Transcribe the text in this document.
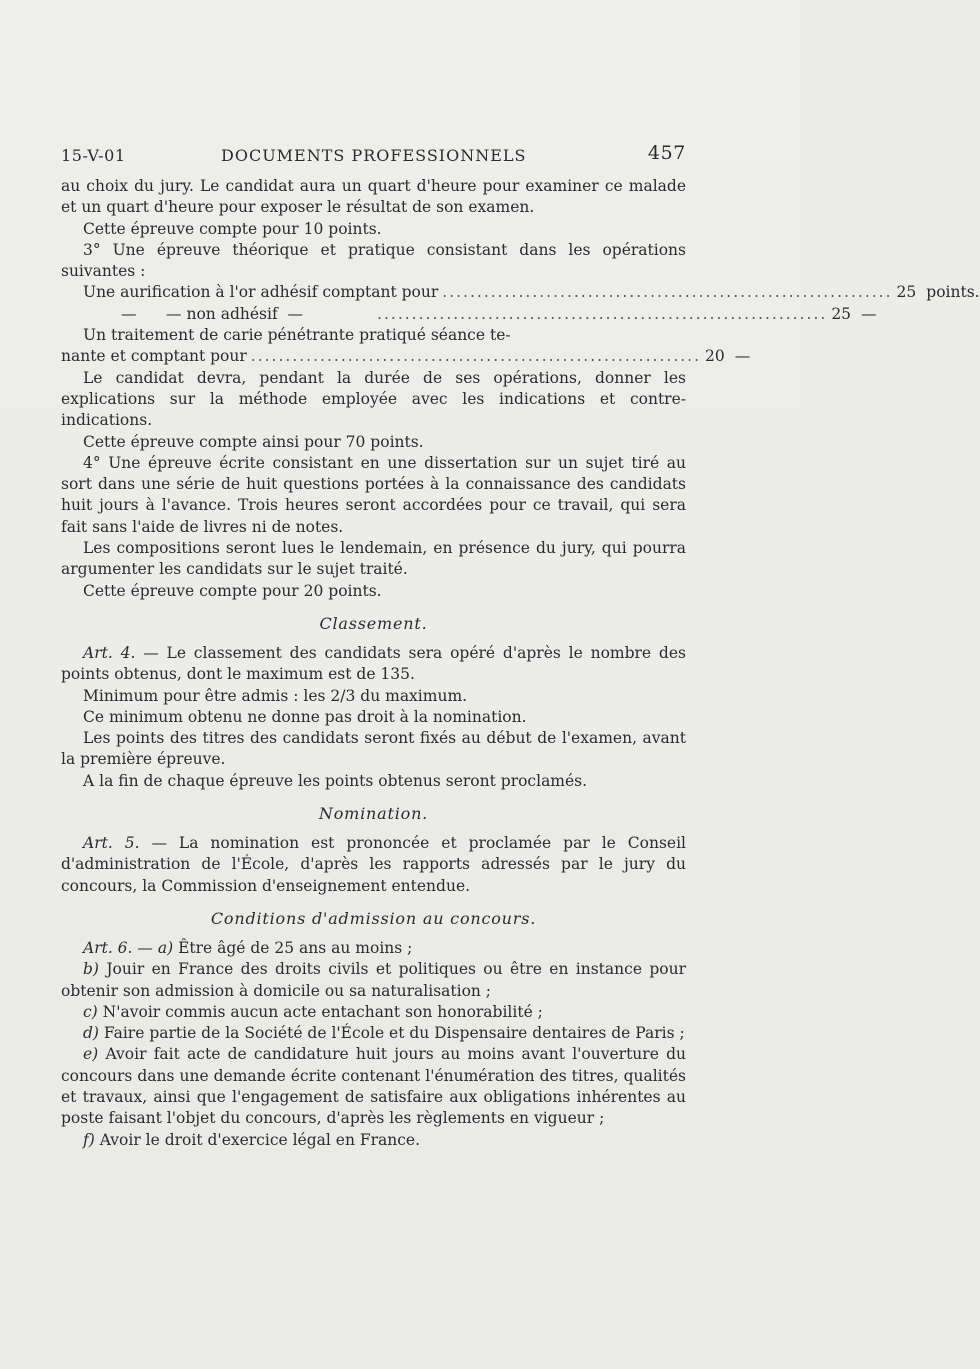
15-V-01	DOCUMENTS PROFESSIONNELS	457

au choix du jury. Le candidat aura un quart d'heure pour examiner ce malade et un quart d'heure pour exposer le résultat de son examen.

Cette épreuve compte pour 10 points.

3° Une épreuve théorique et pratique consistant dans les opérations suivantes :

Une aurification à l'or adhésif comptant pour ................................................................. 25 points.
—      — non adhésif  —	................................................................. 25 —

Un traitement de carie pénétrante pratiqué séance te-

nante et comptant pour ................................................................. 20 —

Le candidat devra, pendant la durée de ses opérations, donner les explications sur la méthode employée avec les indications et contre-indications.

Cette épreuve compte ainsi pour 70 points.

4° Une épreuve écrite consistant en une dissertation sur un sujet tiré au sort dans une série de huit questions portées à la connaissance des candidats huit jours à l'avance. Trois heures seront accordées pour ce travail, qui sera fait sans l'aide de livres ni de notes.

Les compositions seront lues le lendemain, en présence du jury, qui pourra argumenter les candidats sur le sujet traité.

Cette épreuve compte pour 20 points.

Classement.

Art. 4. — Le classement des candidats sera opéré d'après le nombre des points obtenus, dont le maximum est de 135.

Minimum pour être admis : les 2/3 du maximum.

Ce minimum obtenu ne donne pas droit à la nomination.

Les points des titres des candidats seront fixés au début de l'examen, avant la première épreuve.

A la fin de chaque épreuve les points obtenus seront proclamés.

Nomination.

Art. 5. — La nomination est prononcée et proclamée par le Conseil d'administration de l'École, d'après les rapports adressés par le jury du concours, la Commission d'enseignement entendue.

Conditions d'admission au concours.

Art. 6. — a) Être âgé de 25 ans au moins ;

b) Jouir en France des droits civils et politiques ou être en instance pour obtenir son admission à domicile ou sa naturalisation ;

c) N'avoir commis aucun acte entachant son honorabilité ;

d) Faire partie de la Société de l'École et du Dispensaire dentaires de Paris ;

e) Avoir fait acte de candidature huit jours au moins avant l'ouverture du concours dans une demande écrite contenant l'énumération des titres, qualités et travaux, ainsi que l'engagement de satisfaire aux obligations inhérentes au poste faisant l'objet du concours, d'après les règlements en vigueur ;

f) Avoir le droit d'exercice légal en France.
